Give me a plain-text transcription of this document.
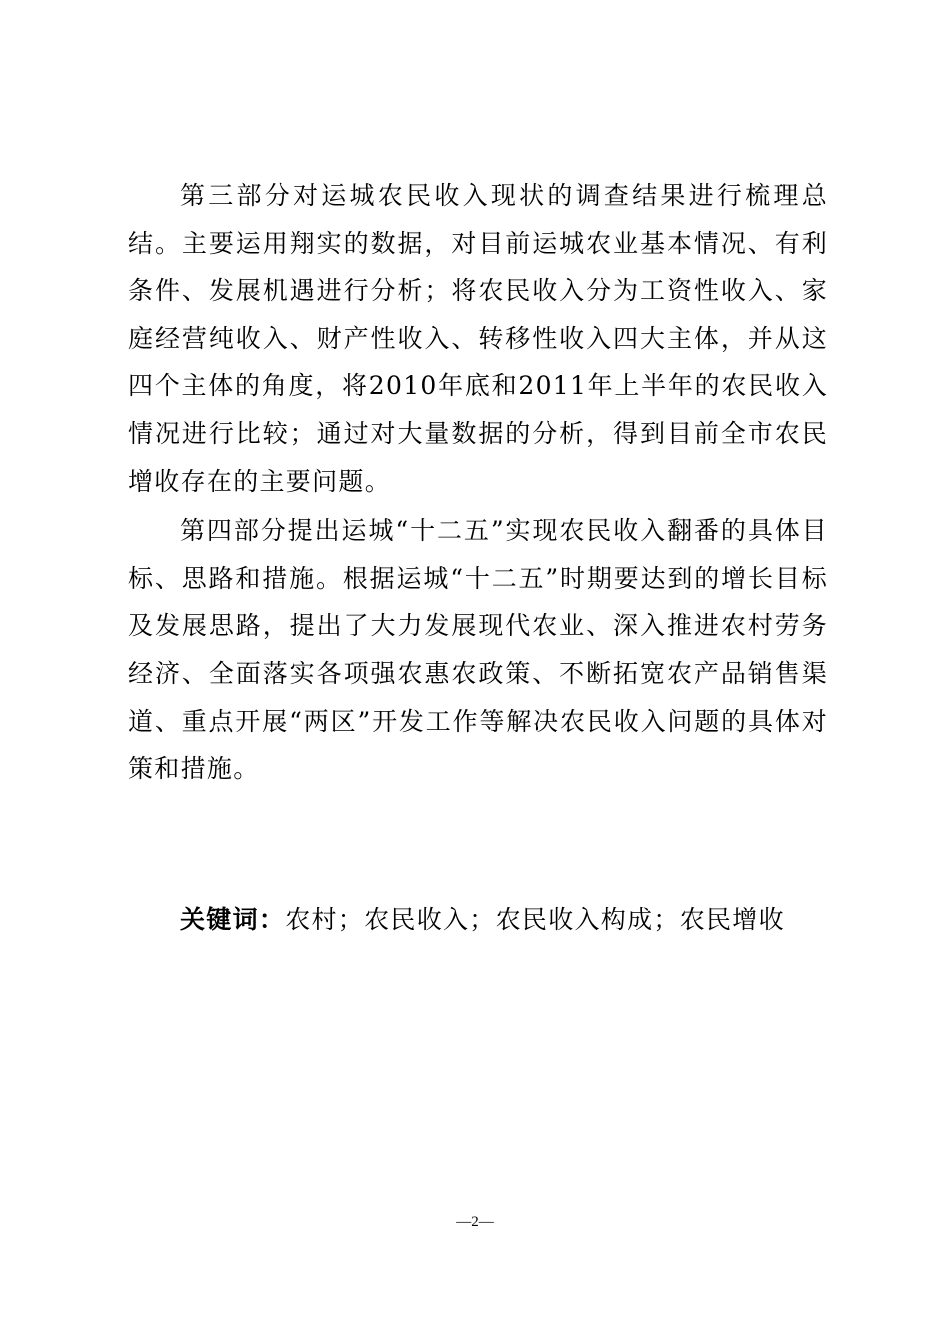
第三部分对运城农民收入现状的调查结果进行梳理总结。主要运用翔实的数据，对目前运城农业基本情况、有利条件、发展机遇进行分析；将农民收入分为工资性收入、家庭经营纯收入、财产性收入、转移性收入四大主体，并从这四个主体的角度，将2010年底和2011年上半年的农民收入情况进行比较；通过对大量数据的分析，得到目前全市农民增收存在的主要问题。

第四部分提出运城“十二五”实现农民收入翻番的具体目标、思路和措施。根据运城“十二五”时期要达到的增长目标及发展思路，提出了大力发展现代农业、深入推进农村劳务经济、全面落实各项强农惠农政策、不断拓宽农产品销售渠道、重点开展“两区”开发工作等解决农民收入问题的具体对策和措施。

关键词：农村；农民收入；农民收入构成；农民增收
—2—
